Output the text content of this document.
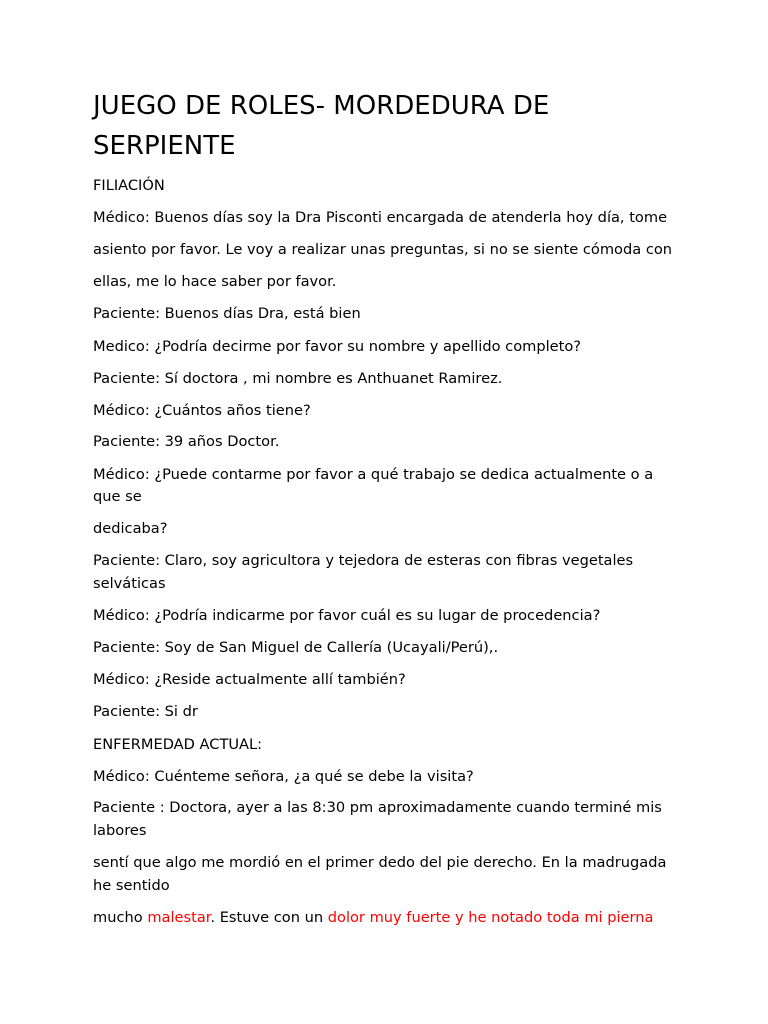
JUEGO DE ROLES- MORDEDURA DE SERPIENTE

FILIACIÓN

Médico: Buenos días soy la Dra Pisconti encargada de atenderla hoy día, tome

asiento por favor. Le voy a realizar unas preguntas, si no se siente cómoda con

ellas, me lo hace saber por favor.

Paciente: Buenos días Dra, está bien

Medico: ¿Podría decirme por favor su nombre y apellido completo?

Paciente: Sí doctora , mi nombre es Anthuanet Ramirez.

Médico: ¿Cuántos años tiene?

Paciente: 39 años Doctor.

Médico: ¿Puede contarme por favor a qué trabajo se dedica actualmente o a

que se

dedicaba?

Paciente: Claro, soy agricultora y tejedora de esteras con fibras vegetales

selváticas

Médico: ¿Podría indicarme por favor cuál es su lugar de procedencia?

Paciente: Soy de San Miguel de Callería (Ucayali/Perú),.

Médico: ¿Reside actualmente allí también?

Paciente: Si dr

ENFERMEDAD ACTUAL:

Médico: Cuénteme señora, ¿a qué se debe la visita?

Paciente : Doctora, ayer a las 8:30 pm aproximadamente cuando terminé mis

labores

sentí que algo me mordió en el primer dedo del pie derecho. En la madrugada

he sentido

mucho malestar. Estuve con un dolor muy fuerte y he notado toda mi pierna
